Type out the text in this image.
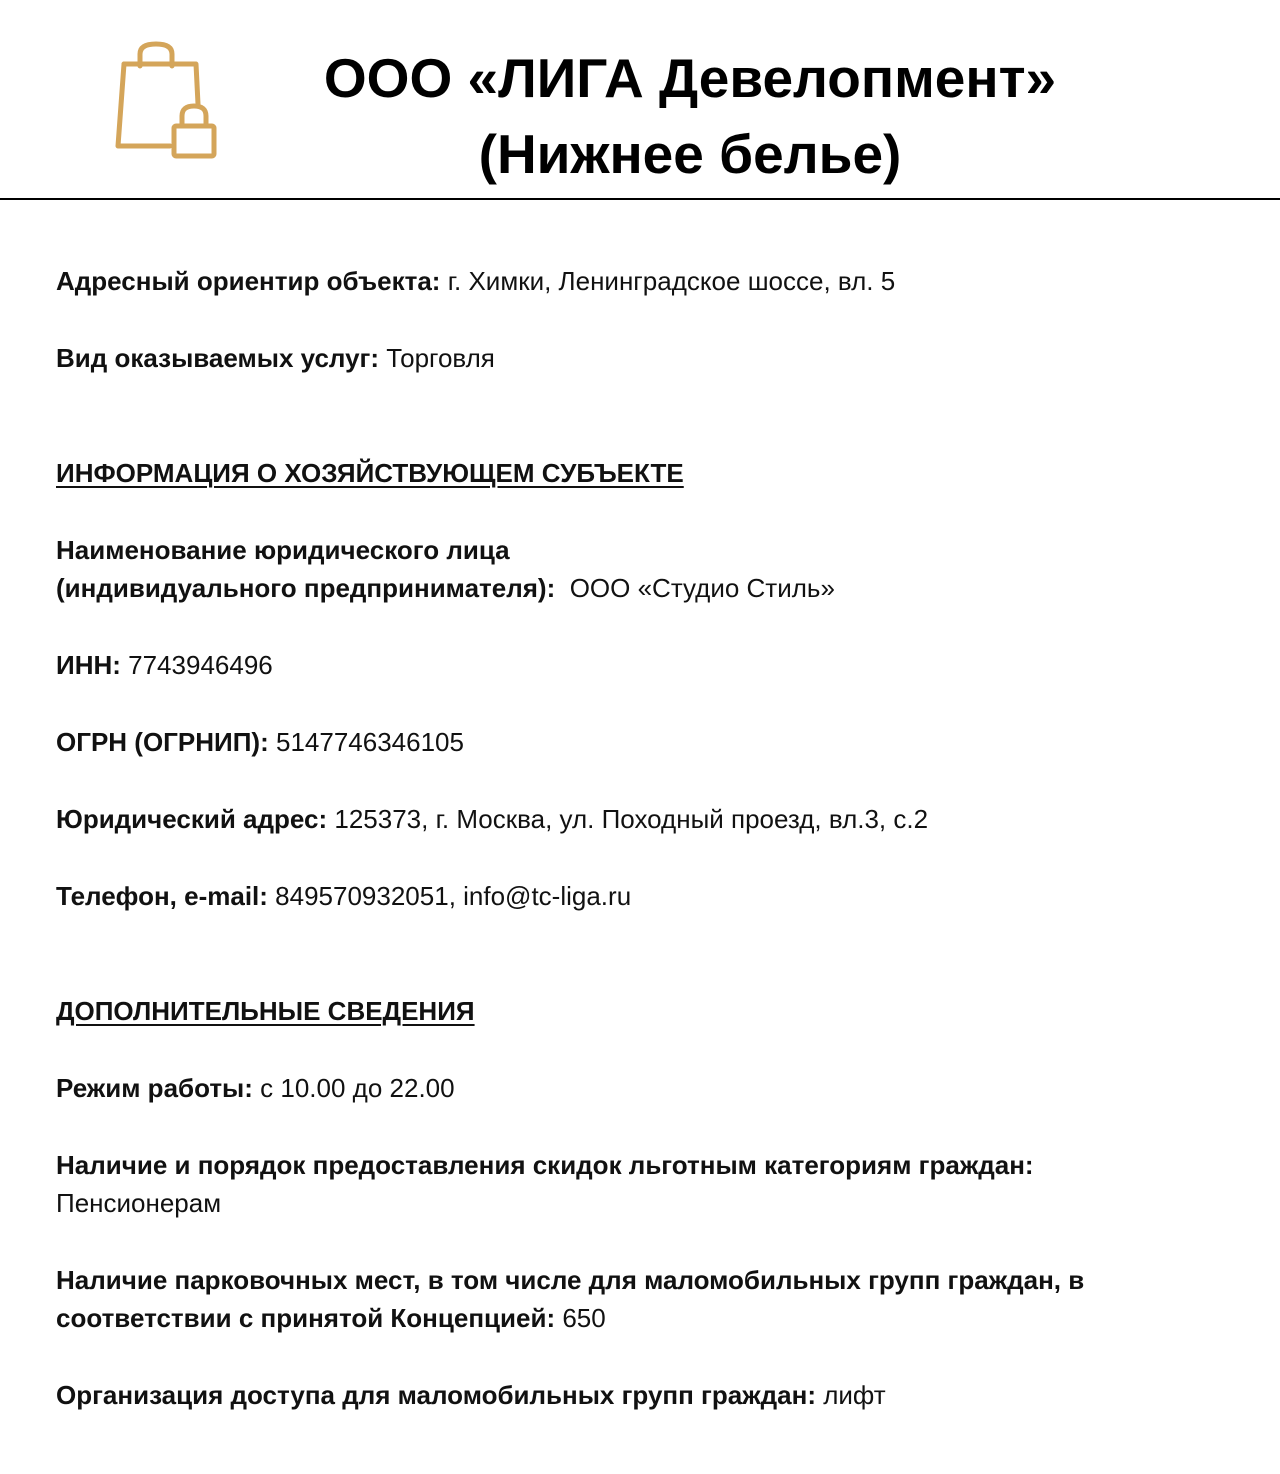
ООО «ЛИГА Девелопмент»
(Нижнее белье)

Адресный ориентир объекта: г. Химки, Ленинградское шоссе, вл. 5

Вид оказываемых услуг: Торговля

ИНФОРМАЦИЯ О ХОЗЯЙСТВУЮЩЕМ СУБЪЕКТЕ

Наименование юридического лица
(индивидуального предпринимателя): ООО «Студио Стиль»

ИНН: 7743946496

ОГРН (ОГРНИП): 5147746346105

Юридический адрес: 125373, г. Москва, ул. Походный проезд, вл.3, с.2

Телефон, e-mail: 849570932051, info@tc-liga.ru

ДОПОЛНИТЕЛЬНЫЕ СВЕДЕНИЯ

Режим работы: с 10.00 до 22.00

Наличие и порядок предоставления скидок льготным категориям граждан:
Пенсионерам

Наличие парковочных мест, в том числе для маломобильных групп граждан, в
соответствии с принятой Концепцией: 650

Организация доступа для маломобильных групп граждан: лифт
